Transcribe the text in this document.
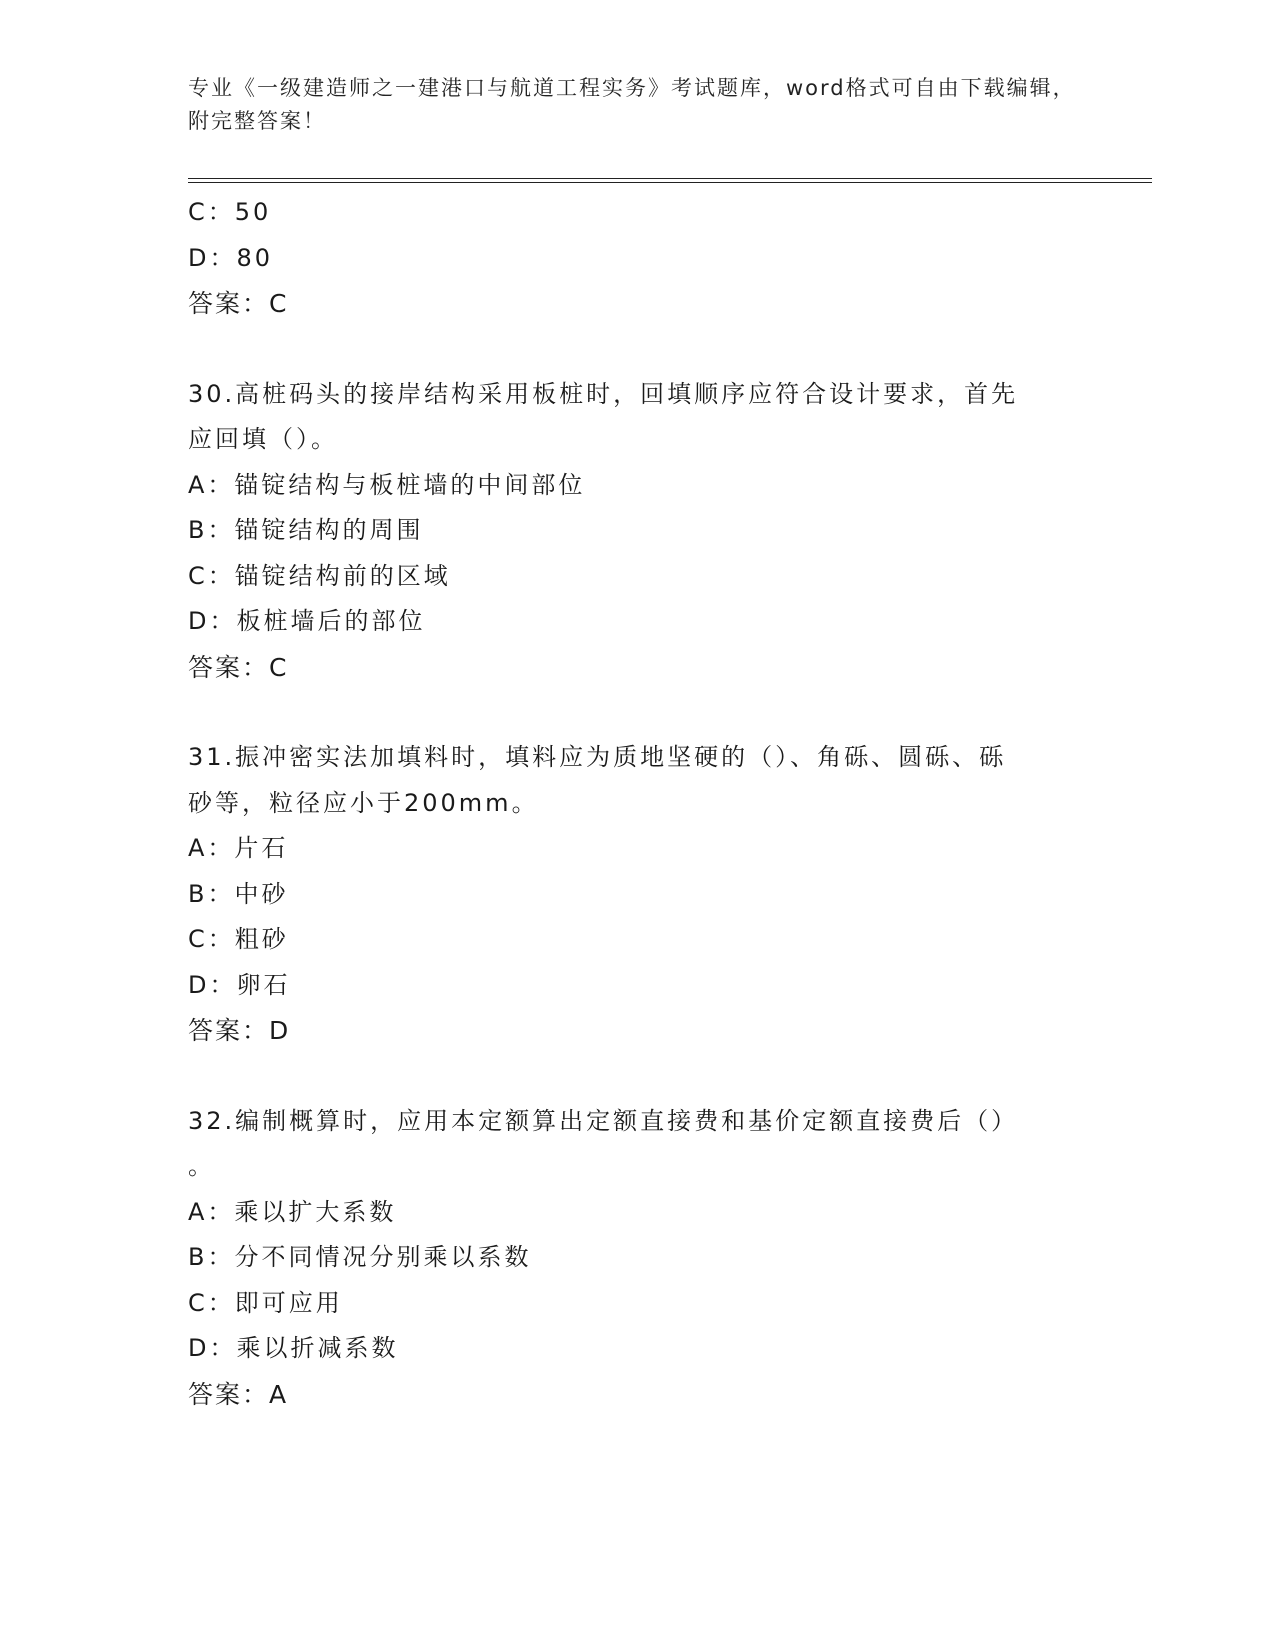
专业《一级建造师之一建港口与航道工程实务》考试题库，word格式可自由下载编辑，附完整答案！
C：50
D：80
答案：C
30.高桩码头的接岸结构采用板桩时，回填顺序应符合设计要求，首先
应回填（）。
A：锚锭结构与板桩墙的中间部位
B：锚锭结构的周围
C：锚锭结构前的区域
D：板桩墙后的部位
答案：C
31.振冲密实法加填料时，填料应为质地坚硬的（）、角砾、圆砾、砾
砂等，粒径应小于200mm。
A：片石
B：中砂
C：粗砂
D：卵石
答案：D
32.编制概算时，应用本定额算出定额直接费和基价定额直接费后（）
。
A：乘以扩大系数
B：分不同情况分别乘以系数
C：即可应用
D：乘以折减系数
答案：A
